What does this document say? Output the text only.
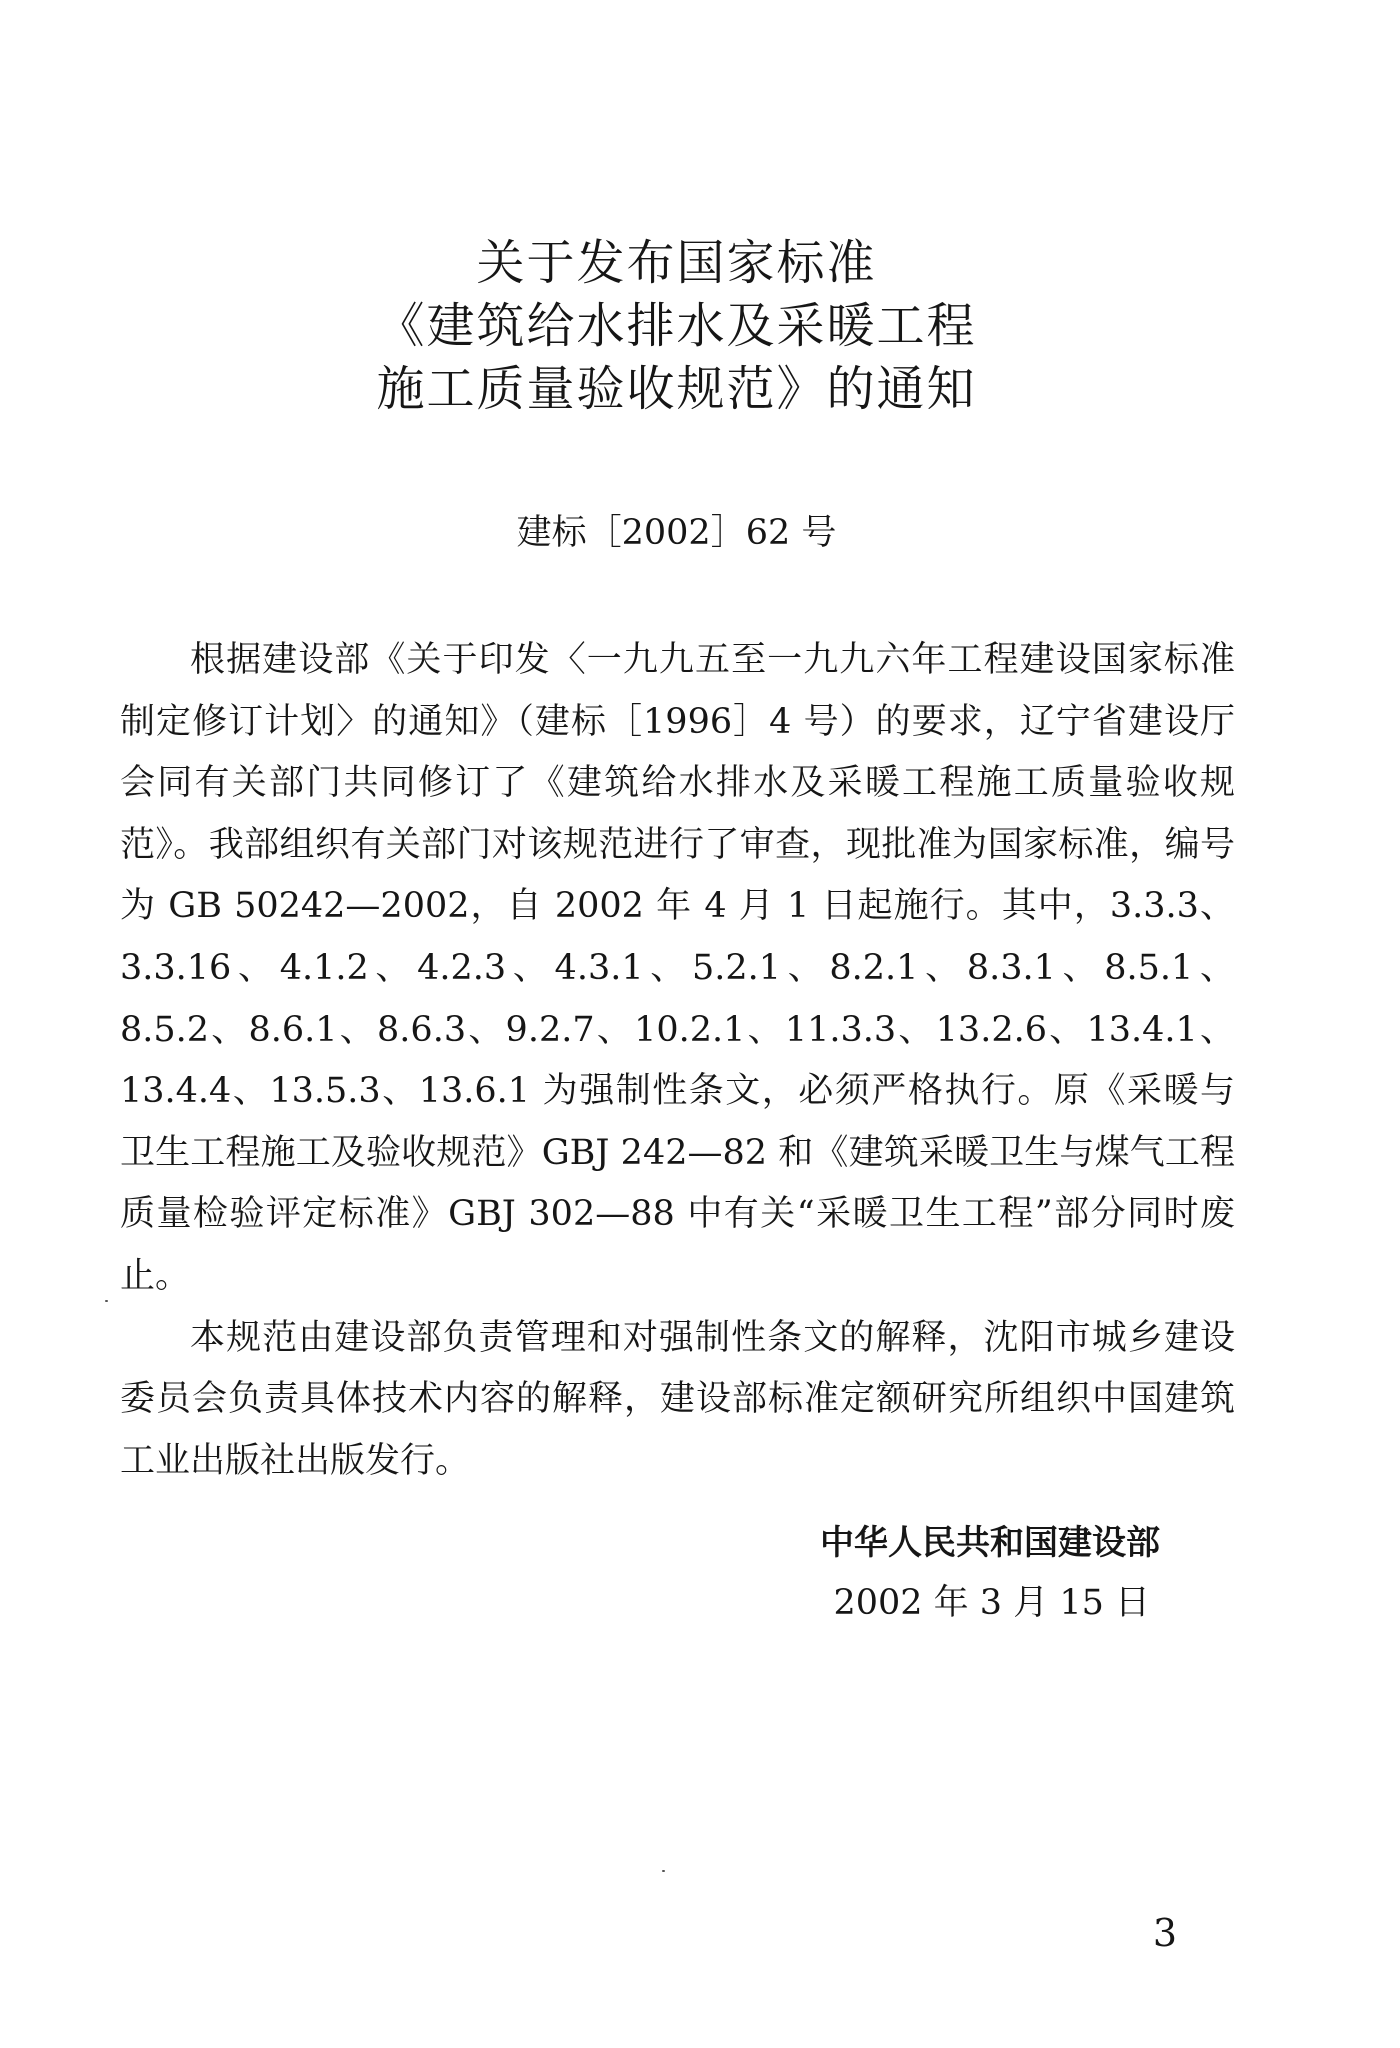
关于发布国家标准
《建筑给水排水及采暖工程
施工质量验收规范》的通知
建标［2002］62 号

根据建设部《关于印发〈一九九五至一九九六年工程建设国家标准制定修订计划〉的通知》（建标［1996］4 号）的要求，辽宁省建设厅会同有关部门共同修订了《建筑给水排水及采暖工程施工质量验收规范》。我部组织有关部门对该规范进行了审查，现批准为国家标准，编号为 GB 50242—2002，自 2002 年 4 月 1 日起施行。其中，3.3.3、3.3.16、4.1.2、4.2.3、4.3.1、5.2.1、8.2.1、8.3.1、8.5.1、8.5.2、8.6.1、8.6.3、9.2.7、10.2.1、11.3.3、13.2.6、13.4.1、13.4.4、13.5.3、13.6.1 为强制性条文，必须严格执行。原《采暖与卫生工程施工及验收规范》GBJ 242—82 和《建筑采暖卫生与煤气工程质量检验评定标准》GBJ 302—88 中有关“采暖卫生工程”部分同时废止。

本规范由建设部负责管理和对强制性条文的解释，沈阳市城乡建设委员会负责具体技术内容的解释，建设部标准定额研究所组织中国建筑工业出版社出版发行。

中华人民共和国建设部
2002 年 3 月 15 日
3
